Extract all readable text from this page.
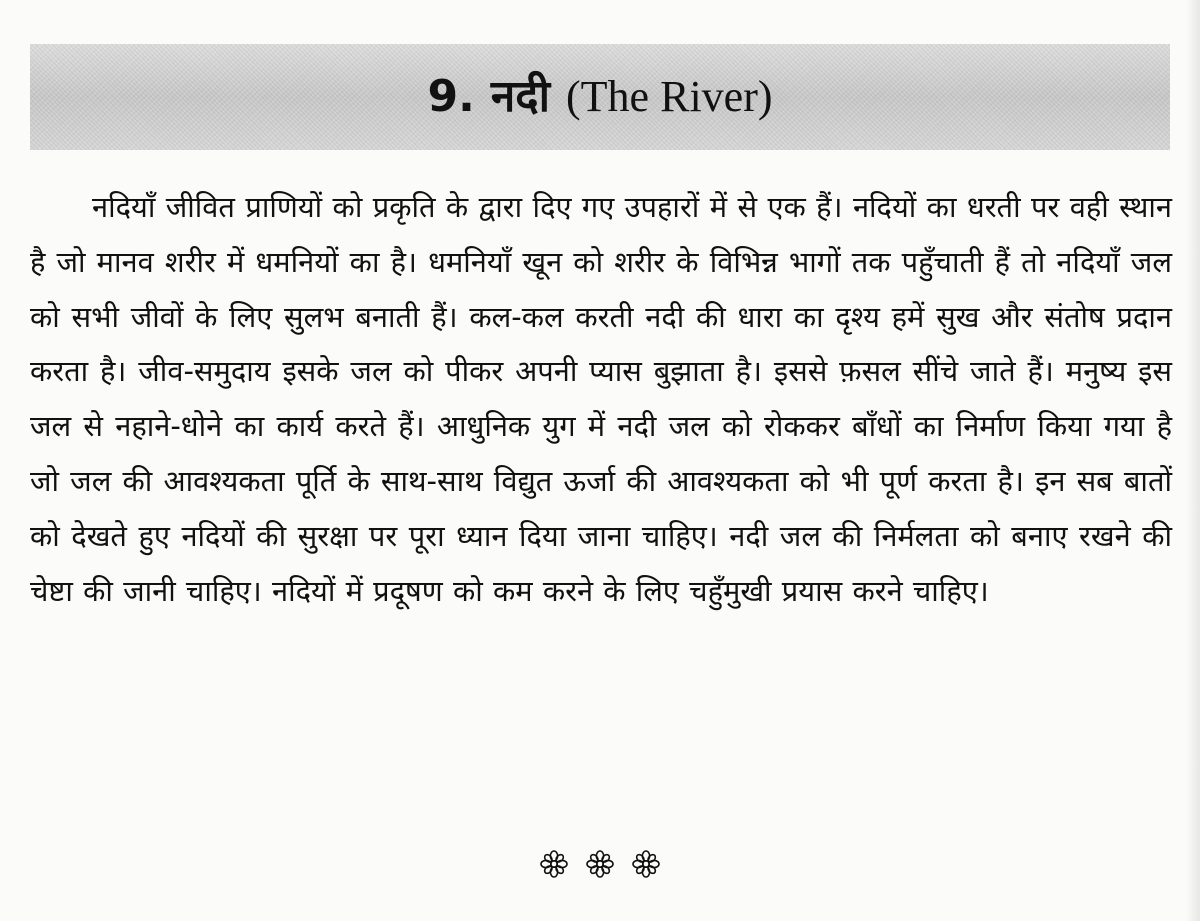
9. नदी (The River)

नदियाँ जीवित प्राणियों को प्रकृति के द्वारा दिए गए उपहारों में से एक हैं। नदियों का धरती पर वही स्थान है जो मानव शरीर में धमनियों का है। धमनियाँ खून को शरीर के विभिन्न भागों तक पहुँचाती हैं तो नदियाँ जल को सभी जीवों के लिए सुलभ बनाती हैं। कल-कल करती नदी की धारा का दृश्य हमें सुख और संतोष प्रदान करता है। जीव-समुदाय इसके जल को पीकर अपनी प्यास बुझाता है। इससे फ़सल सींचे जाते हैं। मनुष्य इस जल से नहाने-धोने का कार्य करते हैं। आधुनिक युग में नदी जल को रोककर बाँधों का निर्माण किया गया है जो जल की आवश्यकता पूर्ति के साथ-साथ विद्युत ऊर्जा की आवश्यकता को भी पूर्ण करता है। इन सब बातों को देखते हुए नदियों की सुरक्षा पर पूरा ध्यान दिया जाना चाहिए। नदी जल की निर्मलता को बनाए रखने की चेष्टा की जानी चाहिए। नदियों में प्रदूषण को कम करने के लिए चहुँमुखी प्रयास करने चाहिए।
